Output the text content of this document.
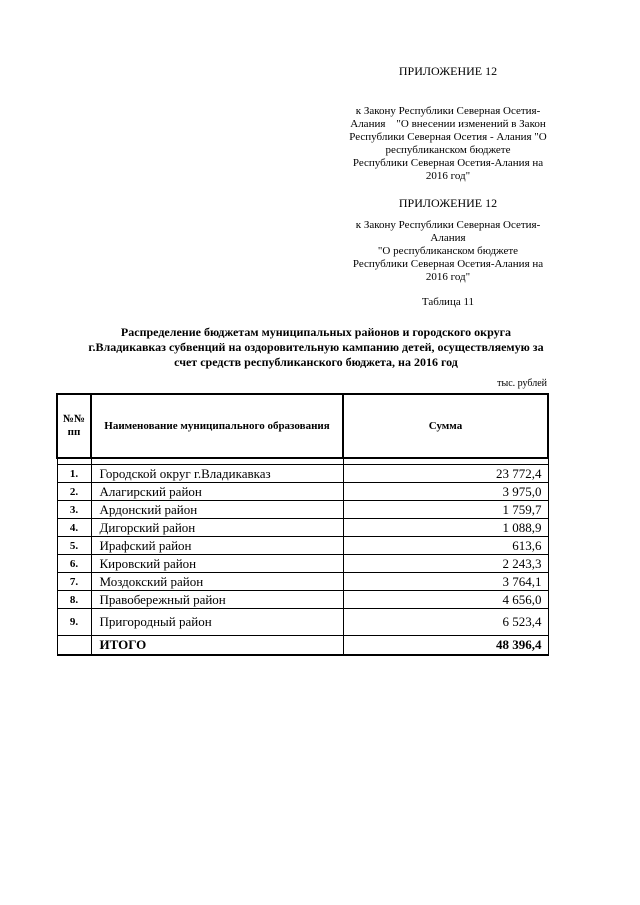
ПРИЛОЖЕНИЕ 12
к Закону Республики Северная Осетия-
Алания    "О внесении изменений в Закон
Республики Северная Осетия - Алания "О
республиканском бюджете
Республики Северная Осетия-Алания на
2016 год"
ПРИЛОЖЕНИЕ 12
к Закону Республики Северная Осетия-
Алания
"О республиканском бюджете
Республики Северная Осетия-Алания на
2016 год"
Таблица 11
Распределение бюджетам муниципальных районов и городского округа
г.Владикавказ субвенций на оздоровительную кампанию детей, осуществляемую за
счет средств республиканского бюджета, на 2016 год
тыс. рублей
№№ пп	Наименование муниципального образования	Сумма

1.	Городской округ г.Владикавказ	23 772,4
2.	Алагирский район	3 975,0
3.	Ардонский район	1 759,7
4.	Дигорский район	1 088,9
5.	Ирафский район	613,6
6.	Кировский район	2 243,3
7.	Моздокский район	3 764,1
8.	Правобережный район	4 656,0
9.	Пригородный район	6 523,4
	ИТОГО	48 396,4
